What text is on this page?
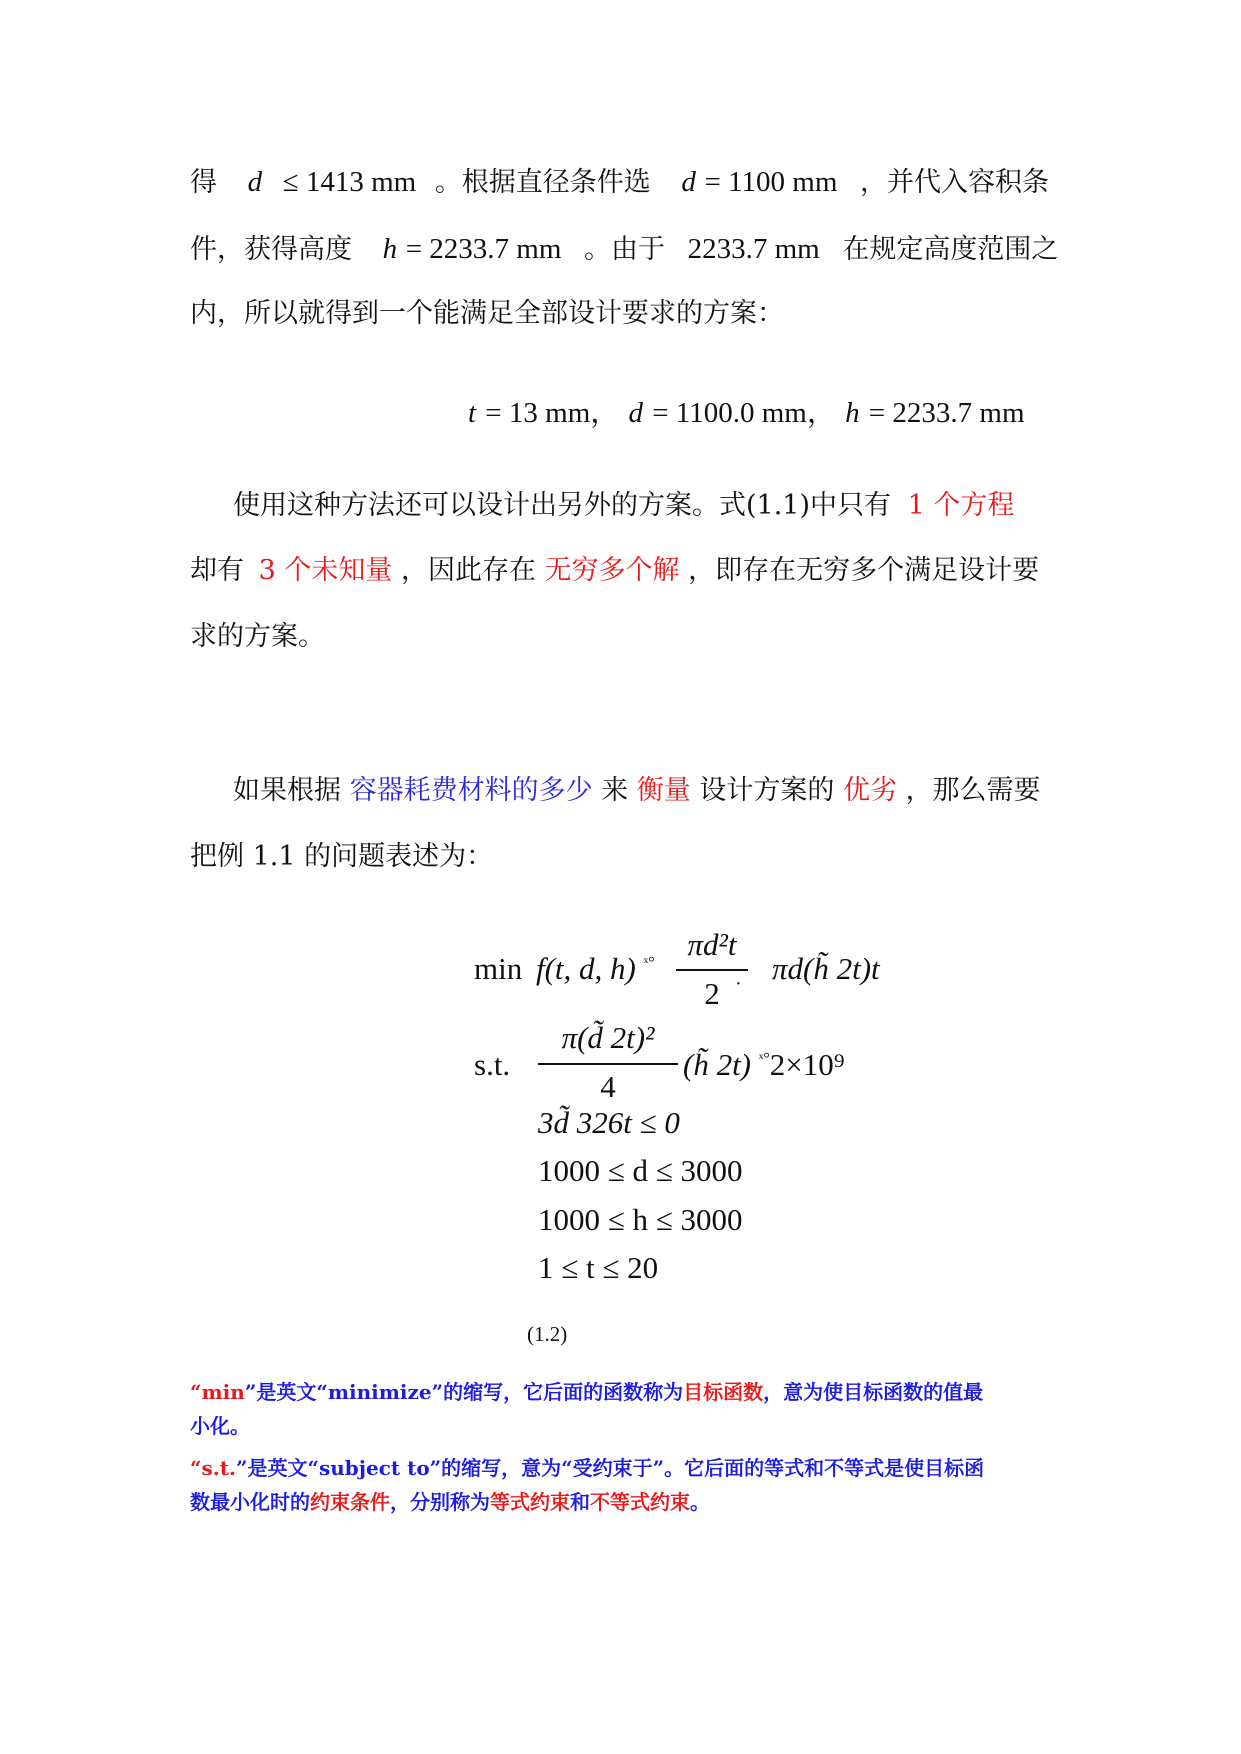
得 d ≤ 1413 mm 。根据直径条件选 d = 1100 mm ，并代入容积条
件，获得高度 h = 2233.7 mm 。由于 2233.7 mm 在规定高度范围之
内，所以就得到一个能满足全部设计要求的方案：
t = 13 mm， d = 1100.0 mm， h = 2233.7 mm
使用这种方法还可以设计出另外的方案。式(1.1)中只有 1 个方程
却有 3 个未知量 ，因此存在 无穷多个解 ，即存在无穷多个满足设计要
求的方案。
如果根据 容器耗费材料的多少 来 衡量 设计方案的 优劣 ，那么需要
把例 1.1 的问题表述为：
min f(t, d, h) $^{ˣ^\circ}$
πd²t
2 · πd(h̃ 2t)t
s.t.
π(d̃ 2t)²
4
(h̃ 2t) $^{ˣ^\circ}$2×10⁹
3d̃ 326t ≤ 0
1000 ≤ d ≤ 3000
1000 ≤ h ≤ 3000
1 ≤ t ≤ 20
(1.2)
“min”是英文“minimize”的缩写，它后面的函数称为目标函数，意为使目标函数的值最
小化。
“s.t.”是英文“subject to”的缩写，意为“受约束于”。它后面的等式和不等式是使目标函
数最小化时的约束条件，分别称为等式约束和不等式约束。
